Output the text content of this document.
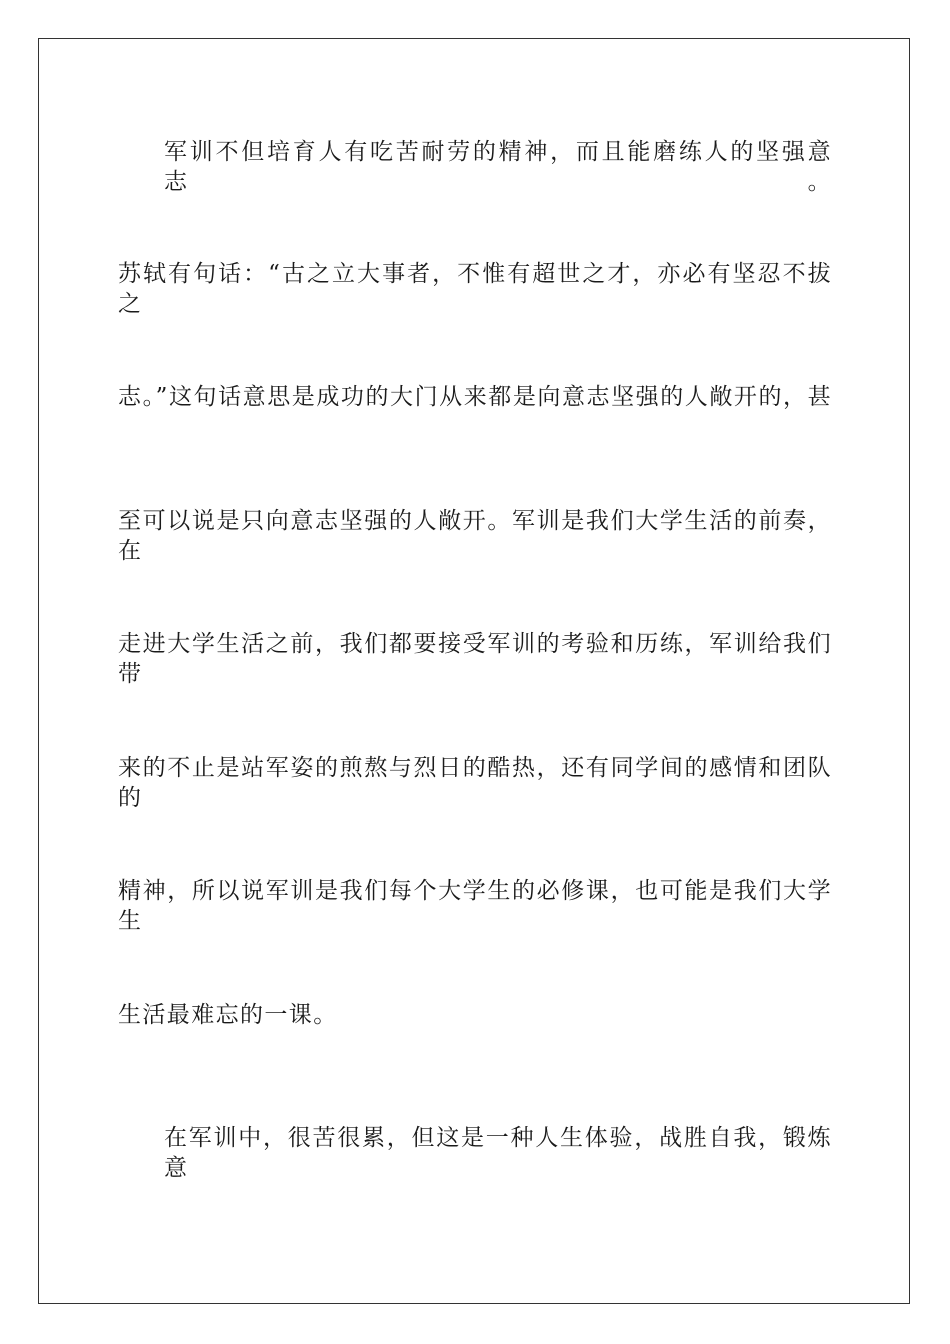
军训不但培育人有吃苦耐劳的精神，而且能磨练人的坚强意志。
苏轼有句话：“古之立大事者，不惟有超世之才，亦必有坚忍不拔之
志。”这句话意思是成功的大门从来都是向意志坚强的人敞开的，甚
至可以说是只向意志坚强的人敞开。军训是我们大学生活的前奏，在
走进大学生活之前，我们都要接受军训的考验和历练，军训给我们带
来的不止是站军姿的煎熬与烈日的酷热，还有同学间的感情和团队的
精神，所以说军训是我们每个大学生的必修课，也可能是我们大学生
生活最难忘的一课。
在军训中，很苦很累，但这是一种人生体验，战胜自我，锻炼意
